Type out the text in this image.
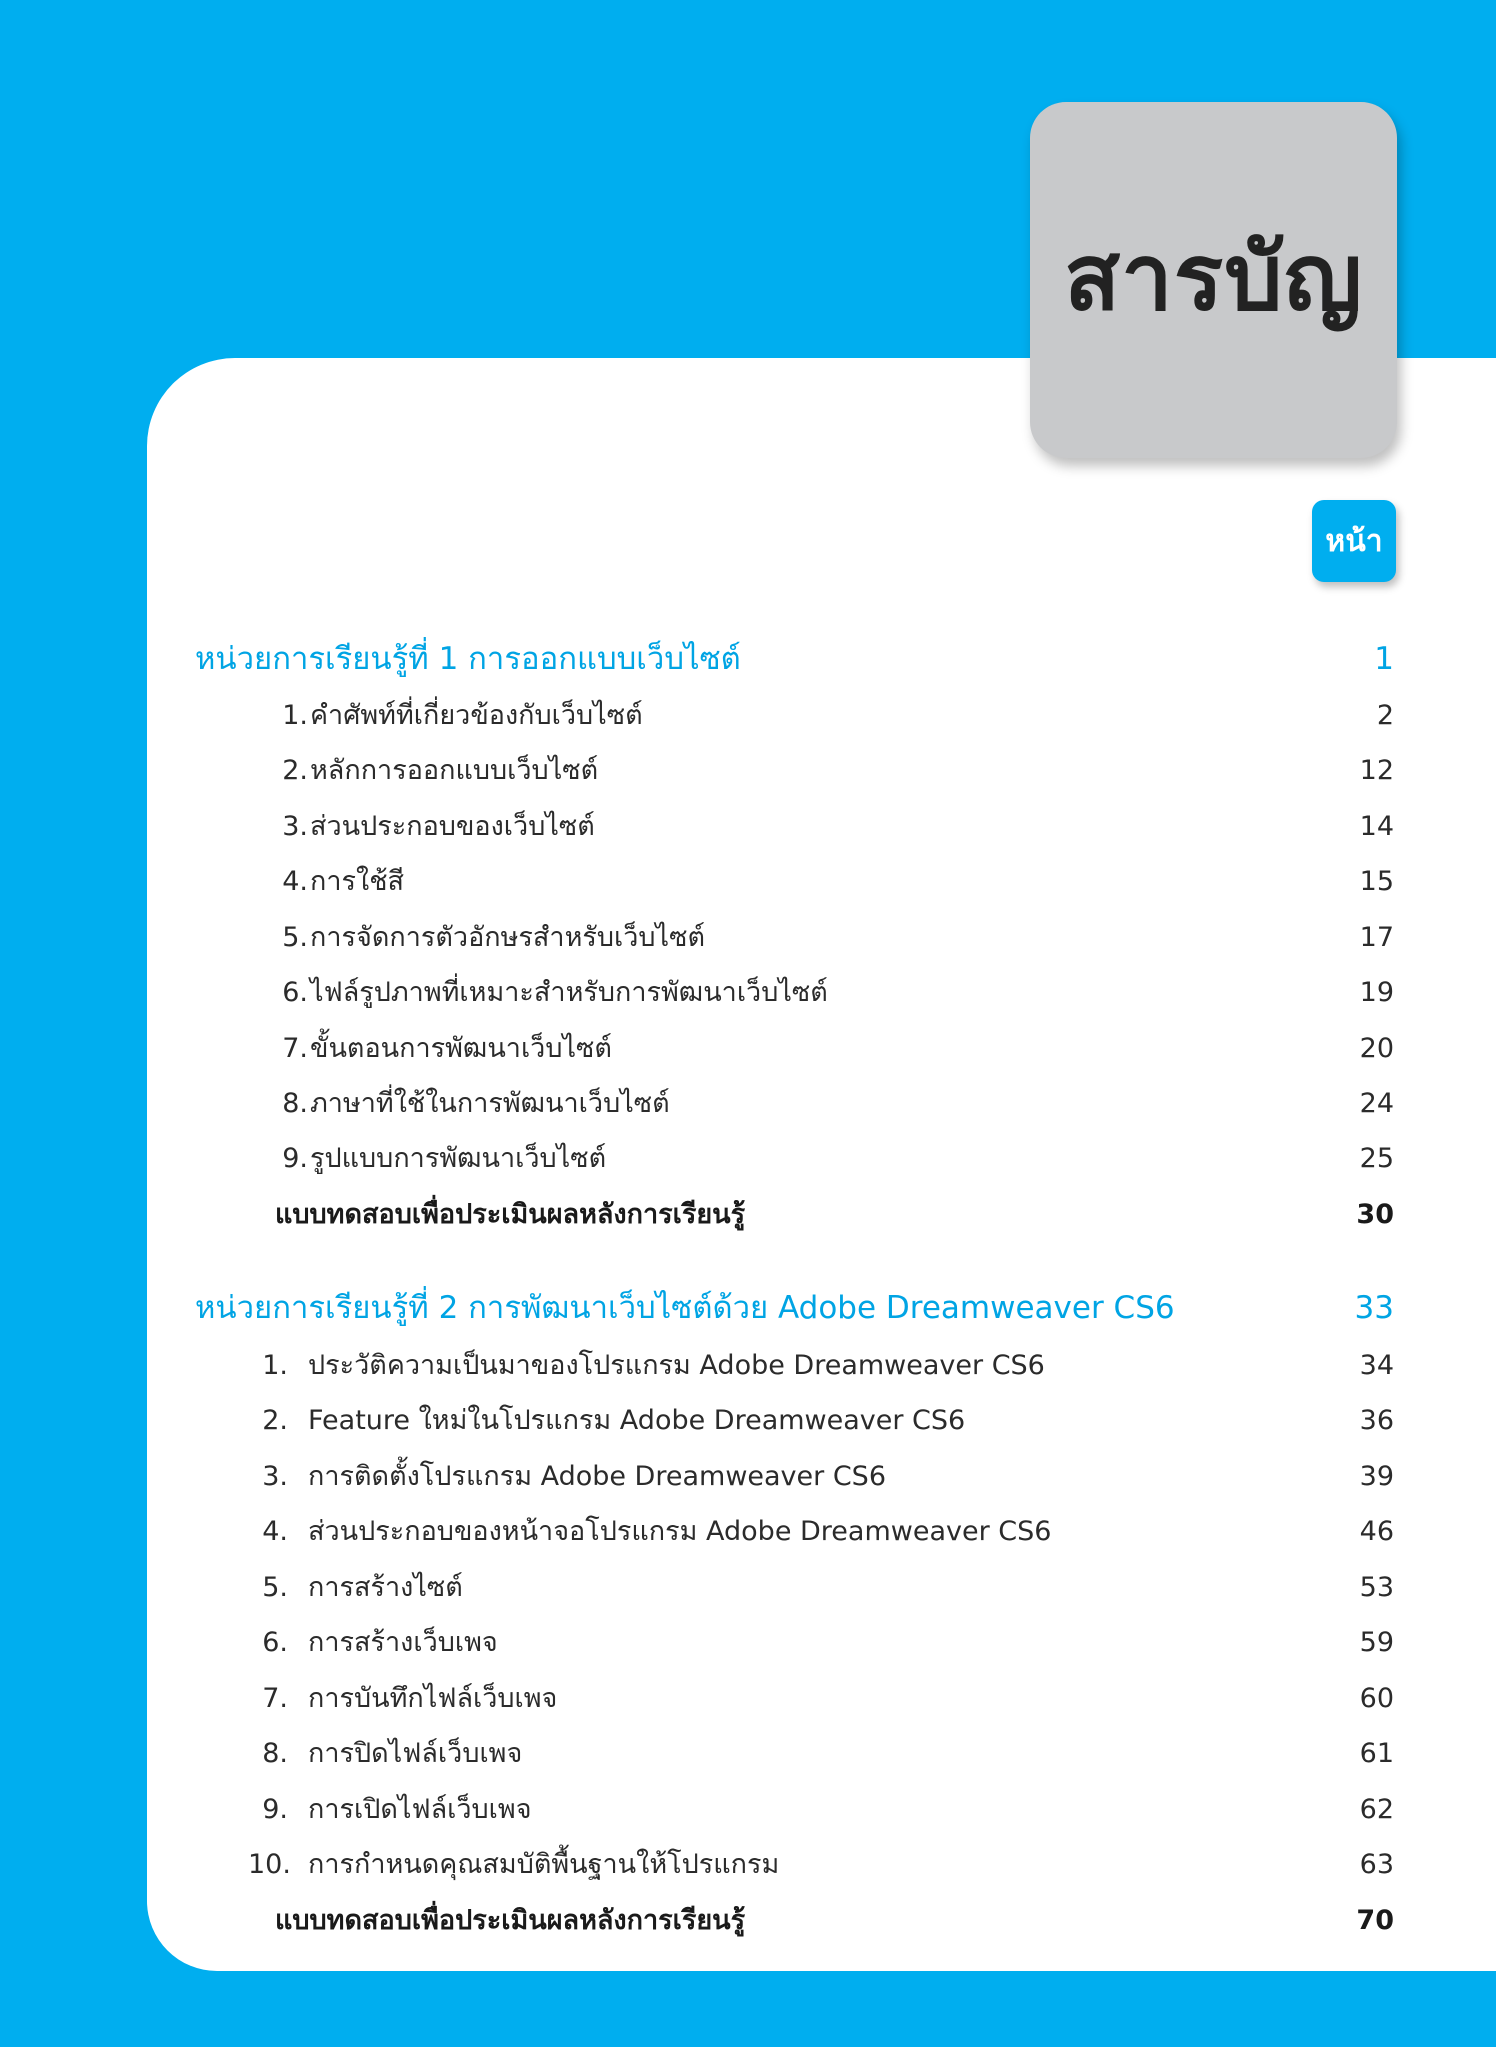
สารบัญ
หน้า
หน่วยการเรียนรู้ที่ 1 การออกแบบเว็บไซต์	1
1. คำศัพท์ที่เกี่ยวข้องกับเว็บไซต์	2
2. หลักการออกแบบเว็บไซต์	12
3. ส่วนประกอบของเว็บไซต์	14
4. การใช้สี	15
5. การจัดการตัวอักษรสำหรับเว็บไซต์	17
6. ไฟล์รูปภาพที่เหมาะสำหรับการพัฒนาเว็บไซต์	19
7. ขั้นตอนการพัฒนาเว็บไซต์	20
8. ภาษาที่ใช้ในการพัฒนาเว็บไซต์	24
9. รูปแบบการพัฒนาเว็บไซต์	25
แบบทดสอบเพื่อประเมินผลหลังการเรียนรู้	30
หน่วยการเรียนรู้ที่ 2 การพัฒนาเว็บไซต์ด้วย Adobe Dreamweaver CS6	33
1. ประวัติความเป็นมาของโปรแกรม Adobe Dreamweaver CS6	34
2. Feature ใหม่ในโปรแกรม Adobe Dreamweaver CS6	36
3. การติดตั้งโปรแกรม Adobe Dreamweaver CS6	39
4. ส่วนประกอบของหน้าจอโปรแกรม Adobe Dreamweaver CS6	46
5. การสร้างไซต์	53
6. การสร้างเว็บเพจ	59
7. การบันทึกไฟล์เว็บเพจ	60
8. การปิดไฟล์เว็บเพจ	61
9. การเปิดไฟล์เว็บเพจ	62
10. การกำหนดคุณสมบัติพื้นฐานให้โปรแกรม	63
แบบทดสอบเพื่อประเมินผลหลังการเรียนรู้	70
